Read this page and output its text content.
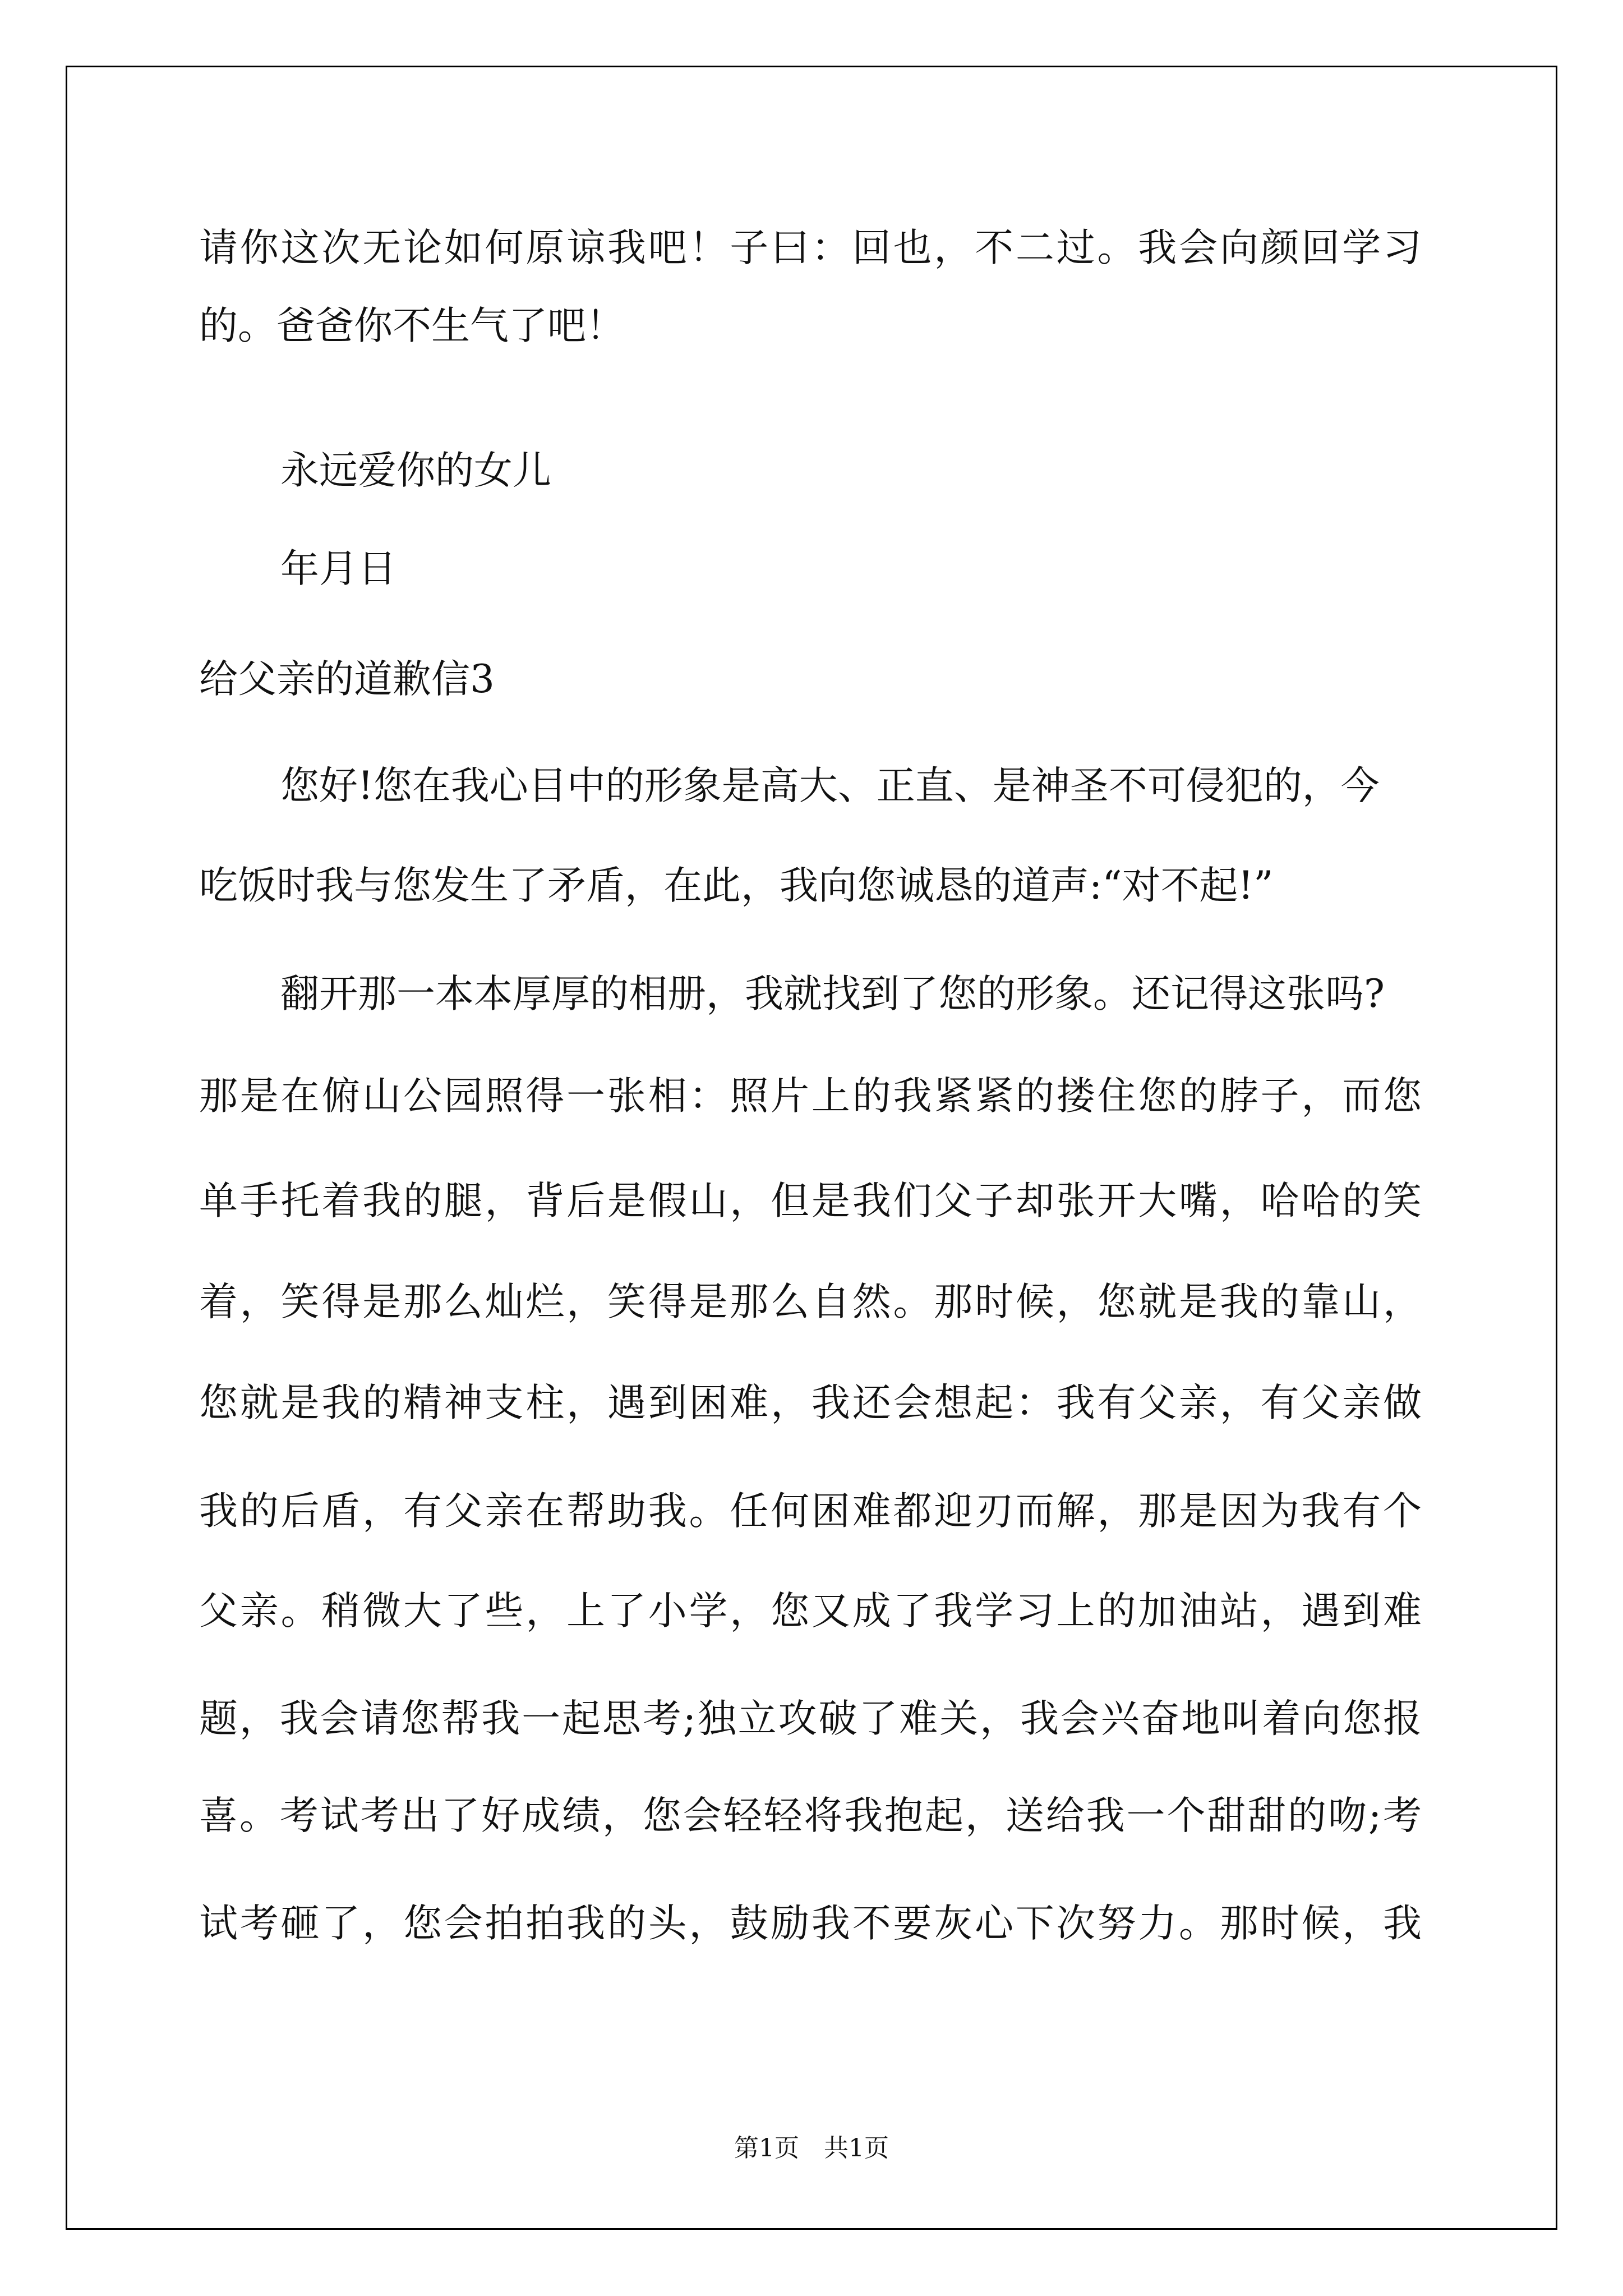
请你这次无论如何原谅我吧！子曰：回也，不二过。我会向颜回学习
的。爸爸你不生气了吧！
永远爱你的女儿
年月日
给父亲的道歉信3
您好!您在我心目中的形象是高大、正直、是神圣不可侵犯的，今
吃饭时我与您发生了矛盾，在此，我向您诚恳的道声:“对不起!”
翻开那一本本厚厚的相册，我就找到了您的形象。还记得这张吗?
那是在俯山公园照得一张相：照片上的我紧紧的搂住您的脖子，而您
单手托着我的腿，背后是假山，但是我们父子却张开大嘴，哈哈的笑
着，笑得是那么灿烂，笑得是那么自然。那时候，您就是我的靠山，
您就是我的精神支柱，遇到困难，我还会想起：我有父亲，有父亲做
我的后盾，有父亲在帮助我。任何困难都迎刃而解，那是因为我有个
父亲。稍微大了些，上了小学，您又成了我学习上的加油站，遇到难
题，我会请您帮我一起思考;独立攻破了难关，我会兴奋地叫着向您报
喜。考试考出了好成绩，您会轻轻将我抱起，送给我一个甜甜的吻;考
试考砸了，您会拍拍我的头，鼓励我不要灰心下次努力。那时候，我
第1页 共1页
